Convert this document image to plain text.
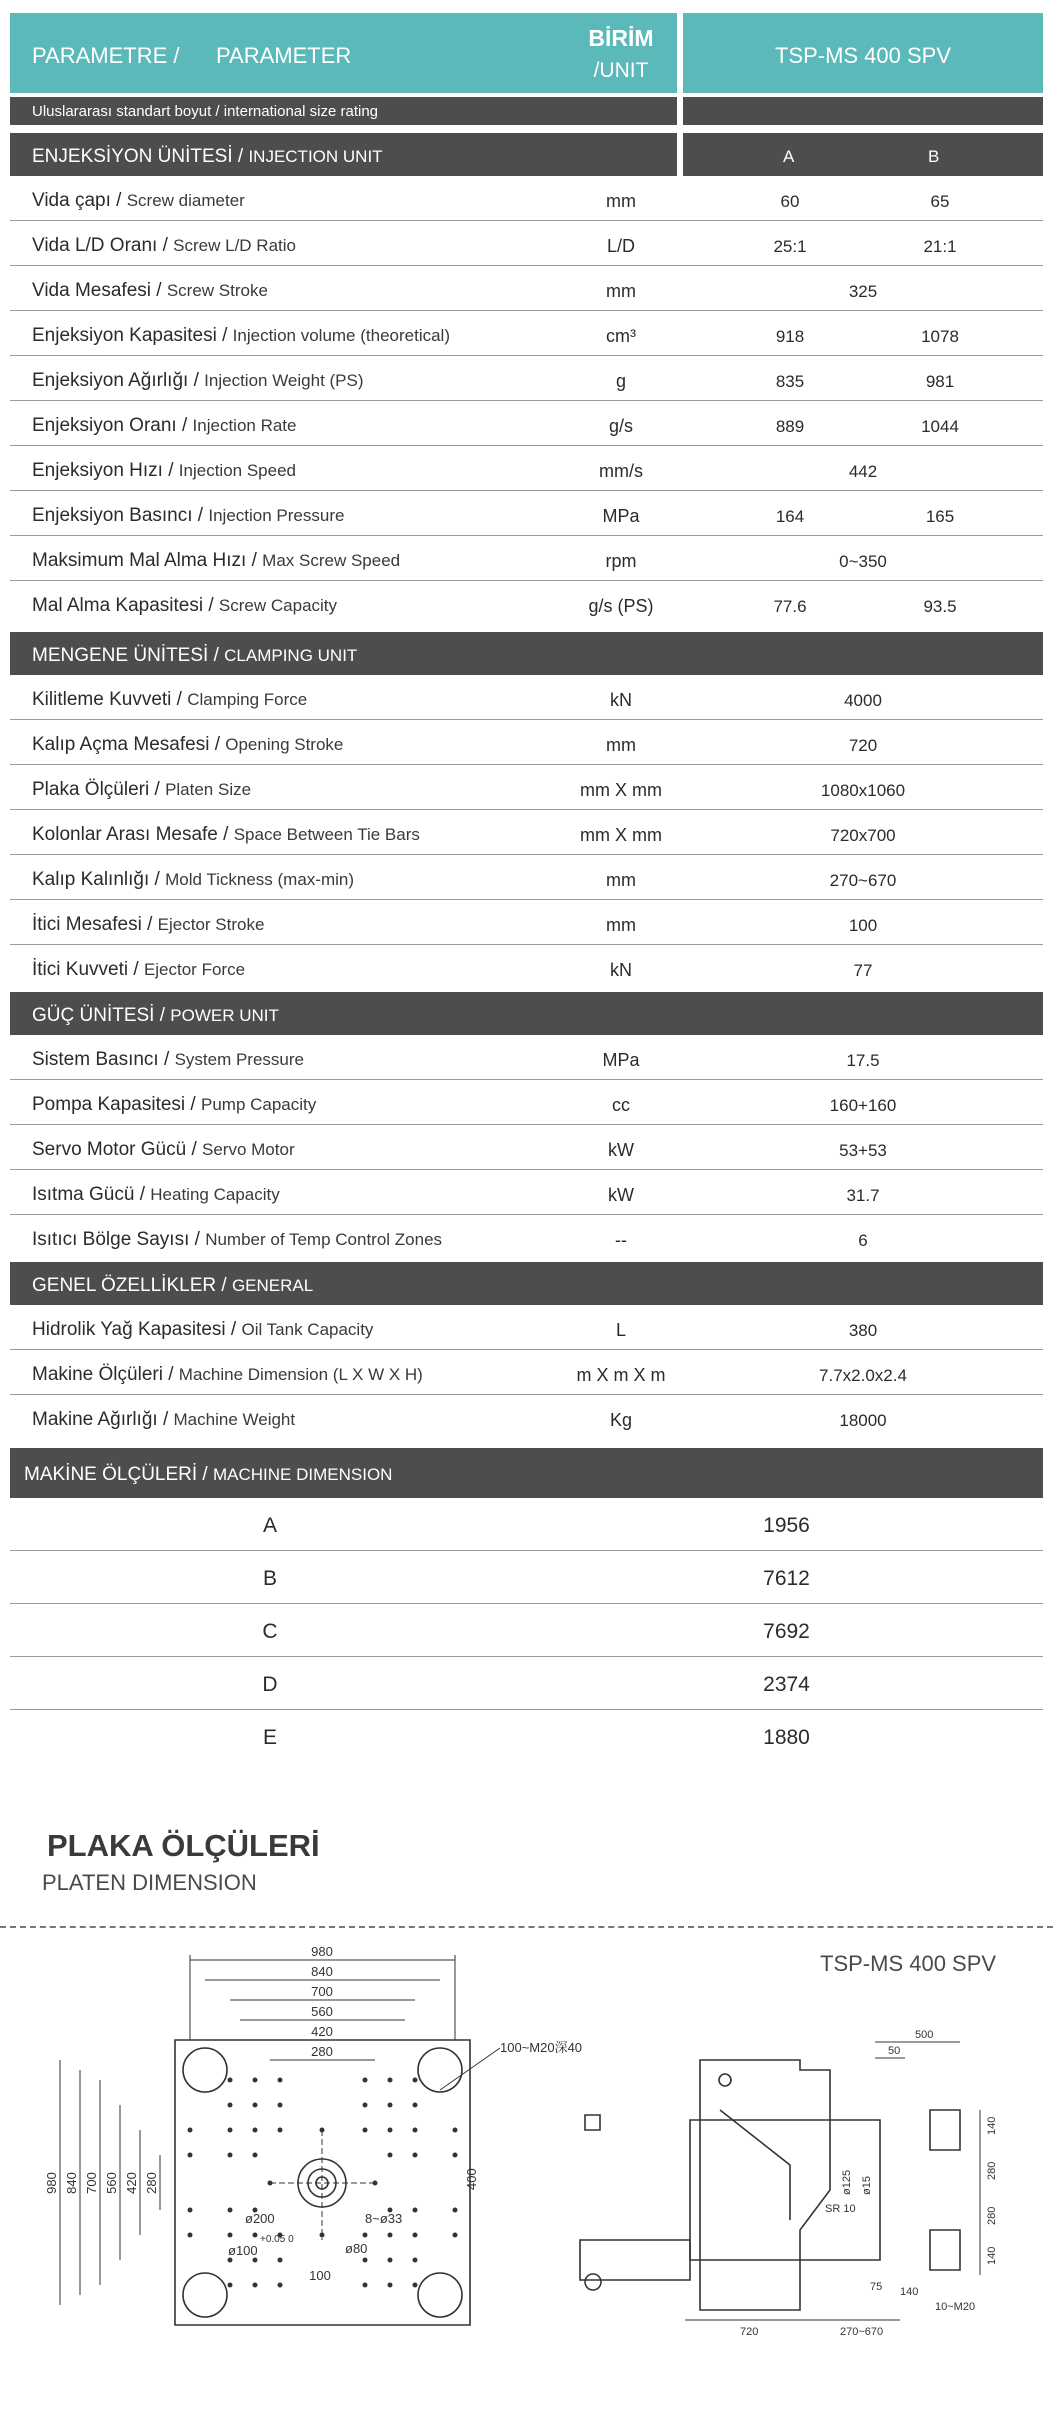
PARAMETRE / PARAMETER
BİRİM
/UNIT
TSP-MS 400 SPV
Uluslararası standart boyut / international size rating
ENJEKSİYON ÜNİTESİ / INJECTION UNIT	A	B
Vida çapı / Screw diameter	mm	60	65
Vida L/D Oranı / Screw L/D Ratio	L/D	25:1	21:1
Vida Mesafesi / Screw Stroke	mm	325
Enjeksiyon Kapasitesi / Injection volume (theoretical)	cm³	918	1078
Enjeksiyon Ağırlığı / Injection Weight (PS)	g	835	981
Enjeksiyon Oranı / Injection Rate	g/s	889	1044
Enjeksiyon Hızı / Injection Speed	mm/s	442
Enjeksiyon Basıncı / Injection Pressure	MPa	164	165
Maksimum Mal Alma Hızı / Max Screw Speed	rpm	0~350
Mal Alma Kapasitesi / Screw Capacity	g/s (PS)	77.6	93.5
MENGENE ÜNİTESİ / CLAMPING UNIT
Kilitleme Kuvveti / Clamping Force	kN	4000
Kalıp Açma Mesafesi / Opening Stroke	mm	720
Plaka Ölçüleri / Platen Size	mm X mm	1080x1060
Kolonlar Arası Mesafe / Space Between Tie Bars	mm X mm	720x700
Kalıp Kalınlığı / Mold Tickness (max-min)	mm	270~670
İtici Mesafesi / Ejector Stroke	mm	100
İtici Kuvveti / Ejector Force	kN	77
GÜÇ ÜNİTESİ / POWER UNIT
Sistem Basıncı / System Pressure	MPa	17.5
Pompa Kapasitesi / Pump Capacity	cc	160+160
Servo Motor Gücü / Servo Motor	kW	53+53
Isıtma Gücü / Heating Capacity	kW	31.7
Isıtıcı Bölge Sayısı / Number of Temp Control Zones	--	6
GENEL ÖZELLİKLER / GENERAL
Hidrolik Yağ Kapasitesi / Oil Tank Capacity	L	380
Makine Ölçüleri / Machine Dimension (L X W X H)	m X m X m	7.7x2.0x2.4
Makine Ağırlığı / Machine Weight	Kg	18000
MAKİNE ÖLÇÜLERİ / MACHINE DIMENSION
A	1956
B	7612
C	7692
D	2374
E	1880
PLAKA ÖLÇÜLERİ
PLATEN DIMENSION
TSP-MS 400 SPV
980
840
700
560
420
280
980 840 700 560 420 280	400
100
100~M20深40
ø200
ø100
+0.05 0
ø80
8~ø33
500
50
140
280
280
140
ø125 ø15
SR 10
75 140
10~M20
720	270~670
